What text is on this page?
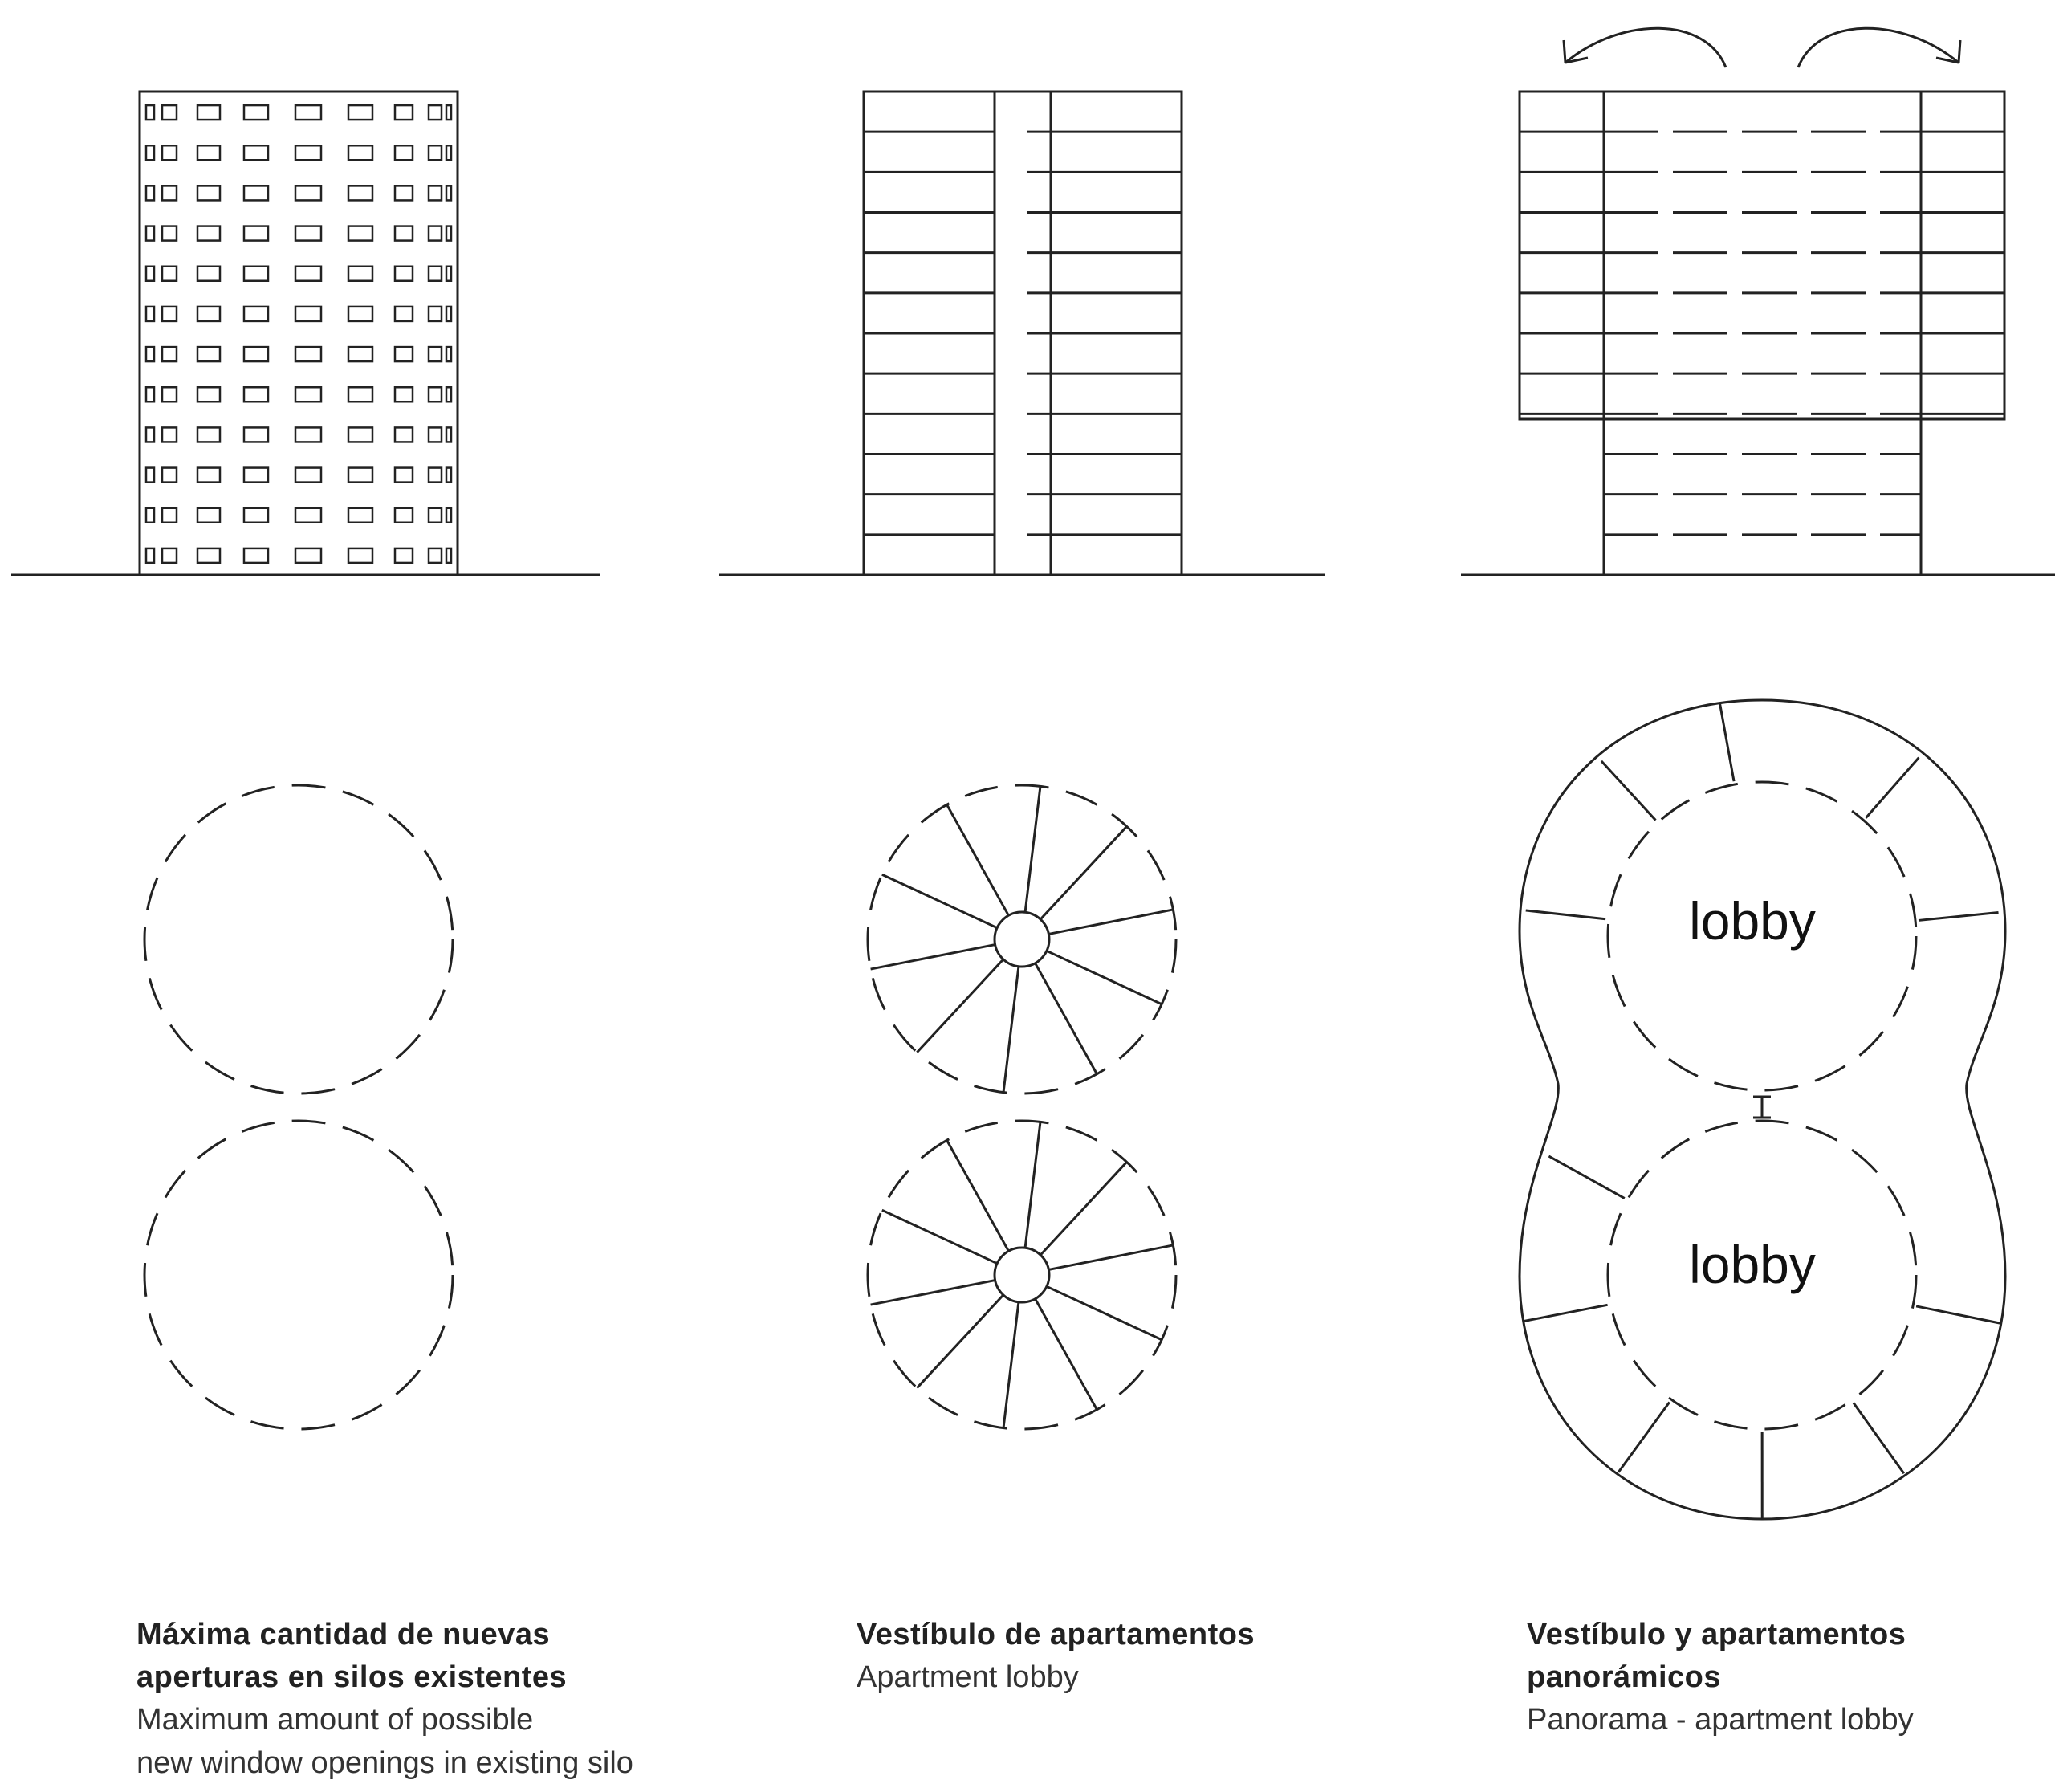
lobby
lobby
Máxima cantidad de nuevas
aperturas en silos existentes
Maximum amount of possible
new window openings in existing silo
Vestíbulo de apartamentos
Apartment lobby
Vestíbulo y apartamentos
panorámicos
Panorama - apartment lobby
